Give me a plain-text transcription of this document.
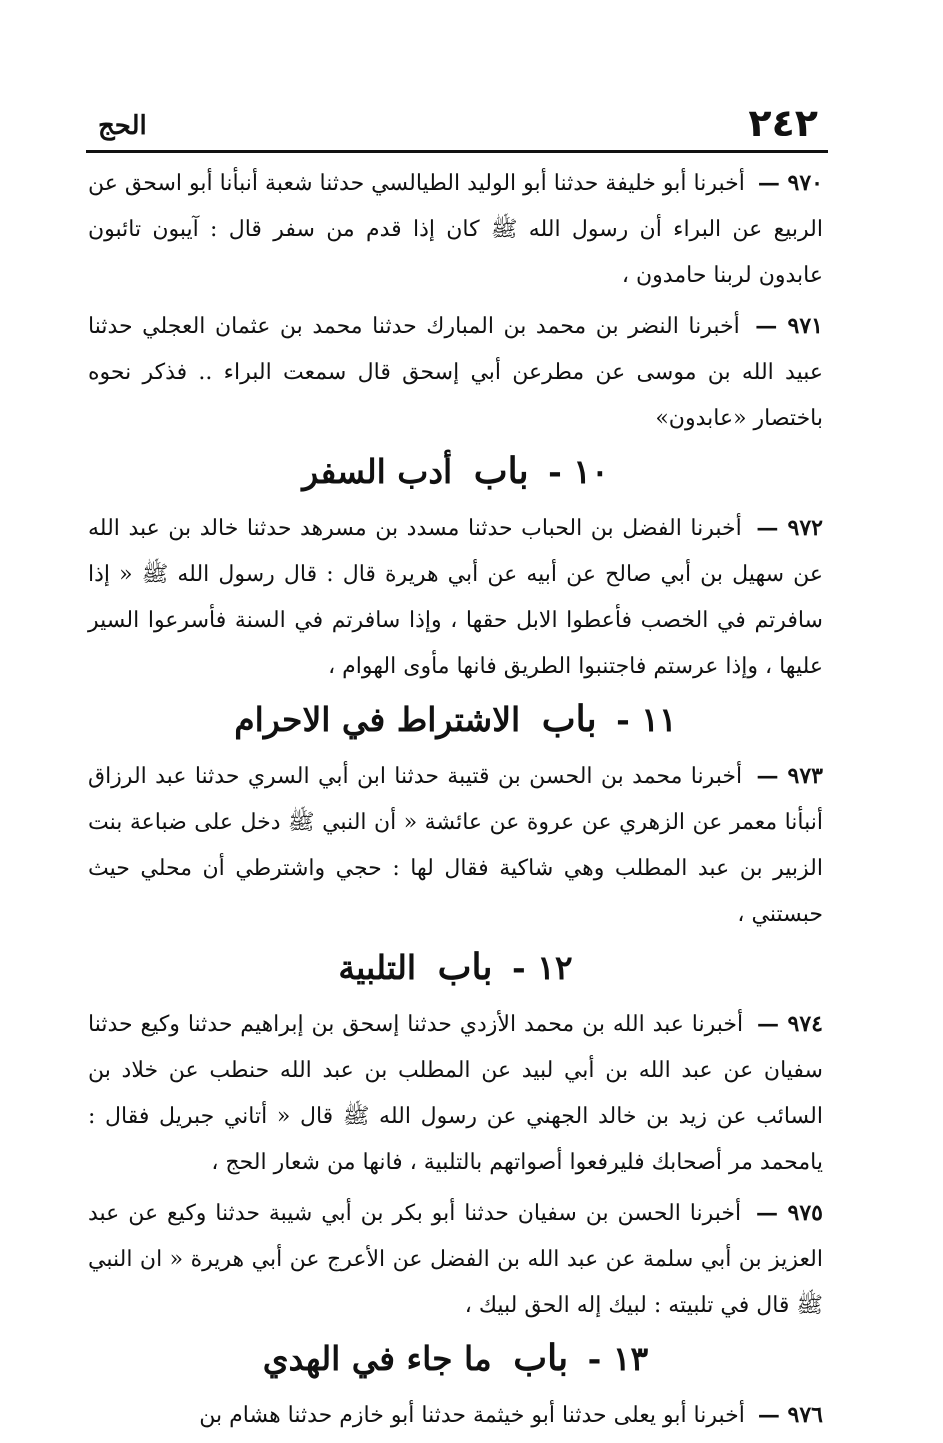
٢٤٢
الحج

٩٧٠ — أخبرنا أبو خليفة حدثنا أبو الوليد الطيالسي حدثنا شعبة أنبأنا أبو اسحق عن الربيع عن البراء أن رسول الله ﷺ كان إذا قدم من سفر قال : آيبون تائبون عابدون لربنا حامدون ،

٩٧١ — أخبرنا النضر بن محمد بن المبارك حدثنا محمد بن عثمان العجلي حدثنا عبيد الله بن موسى عن مطرعن أبي إسحق قال سمعت البراء .. فذكر نحوه باختصار «عابدون»

١٠ - باب أدب السفر

٩٧٢ — أخبرنا الفضل بن الحباب حدثنا مسدد بن مسرهد حدثنا خالد بن عبد الله عن سهيل بن أبي صالح عن أبيه عن أبي هريرة قال : قال رسول الله ﷺ « إذا سافرتم في الخصب فأعطوا الابل حقها ، وإذا سافرتم في السنة فأسرعوا السير عليها ، وإذا عرستم فاجتنبوا الطريق فانها مأوى الهوام ،

١١ - باب الاشتراط في الاحرام

٩٧٣ — أخبرنا محمد بن الحسن بن قتيبة حدثنا ابن أبي السري حدثنا عبد الرزاق أنبأنا معمر عن الزهري عن عروة عن عائشة « أن النبي ﷺ دخل على ضباعة بنت الزبير بن عبد المطلب وهي شاكية فقال لها : حجي واشترطي أن محلي حيث حبستني ،

١٢ - باب التلبية

٩٧٤ — أخبرنا عبد الله بن محمد الأزدي حدثنا إسحق بن إبراهيم حدثنا وكيع حدثنا سفيان عن عبد الله بن أبي لبيد عن المطلب بن عبد الله حنطب عن خلاد بن السائب عن زيد بن خالد الجهني عن رسول الله ﷺ قال « أتاني جبريل فقال : يامحمد مر أصحابك فليرفعوا أصواتهم بالتلبية ، فانها من شعار الحج ،

٩٧٥ — أخبرنا الحسن بن سفيان حدثنا أبو بكر بن أبي شيبة حدثنا وكيع عن عبد العزيز بن أبي سلمة عن عبد الله بن الفضل عن الأعرج عن أبي هريرة « ان النبي ﷺ قال في تلبيته : لبيك إله الحق لبيك ،

١٣ - باب ما جاء في الهدي

٩٧٦ — أخبرنا أبو يعلى حدثنا أبو خيثمة حدثنا أبو خازم حدثنا هشام بن
